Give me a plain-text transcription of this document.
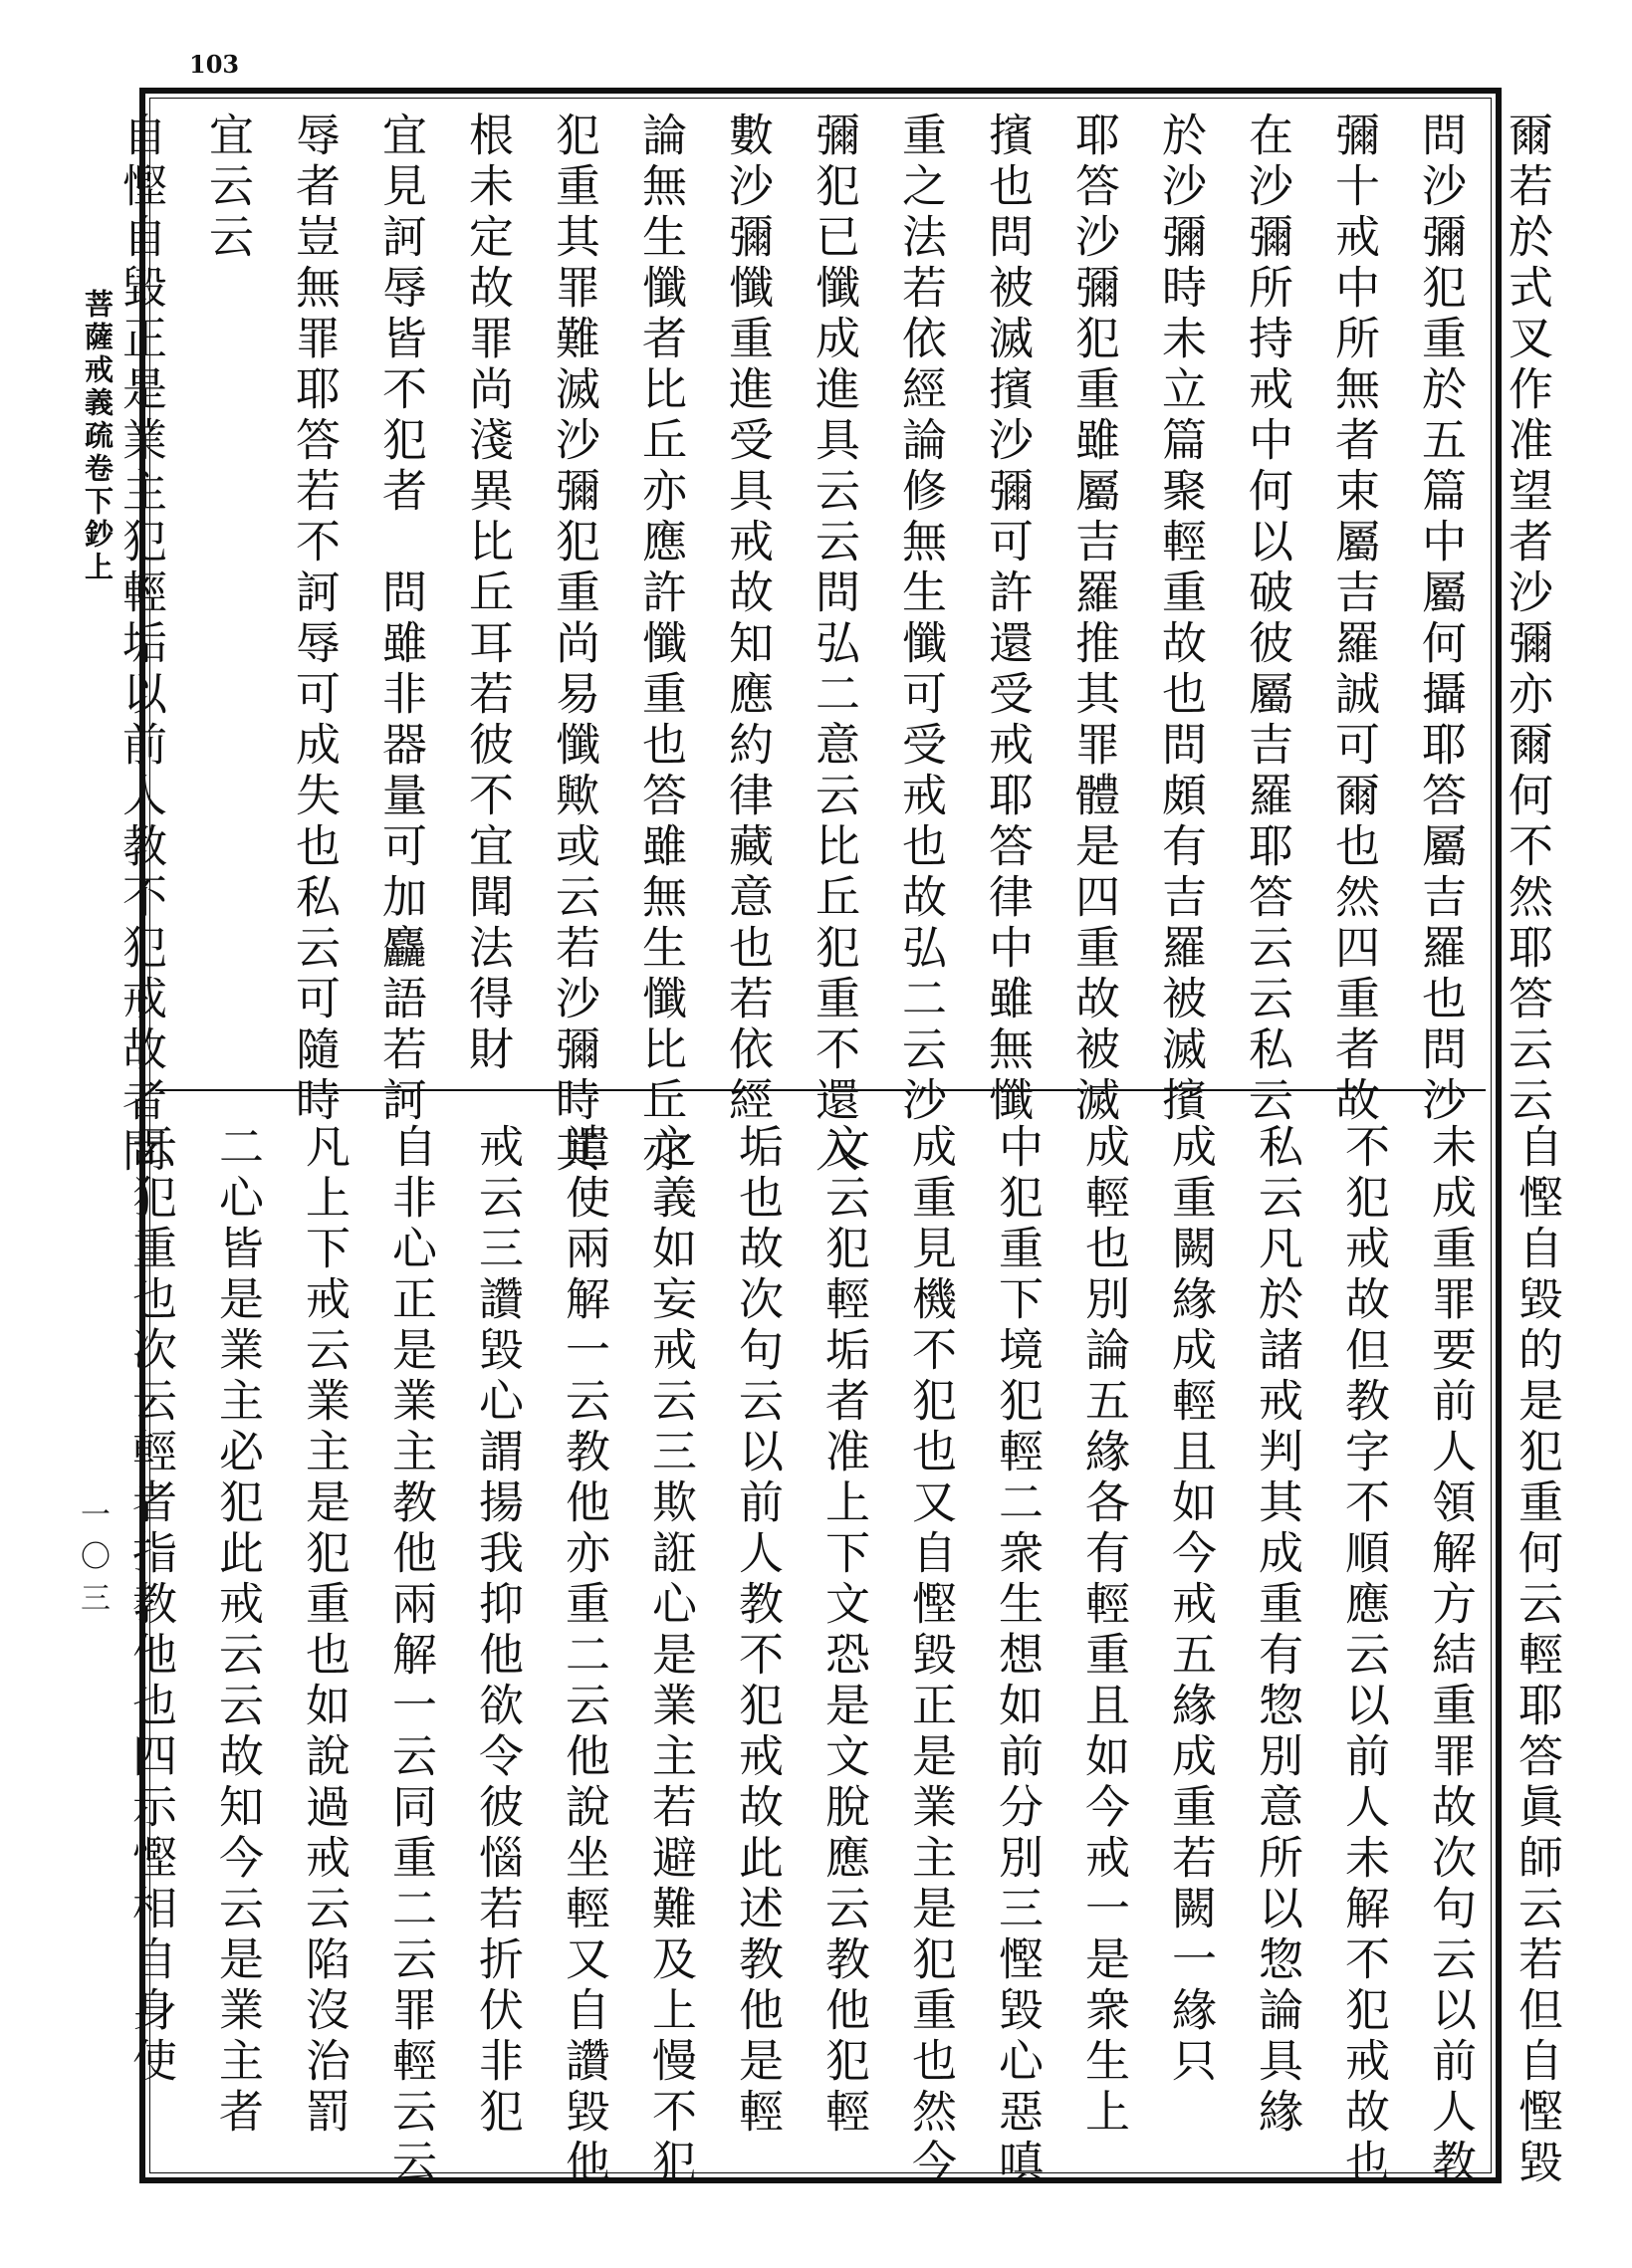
103
菩薩戒義疏卷下鈔上
一〇三
爾若於式叉作准望者沙彌亦爾何不然耶答云云
問沙彌犯重於五篇中屬何攝耶答屬吉羅也問沙
彌十戒中所無者束屬吉羅誠可爾也然四重者故
在沙彌所持戒中何以破彼屬吉羅耶答云云私云
於沙彌時未立篇聚輕重故也問頗有吉羅被滅擯
耶答沙彌犯重雖屬吉羅推其罪體是四重故被滅
擯也問被滅擯沙彌可許還受戒耶答律中雖無懺
重之法若依經論修無生懺可受戒也故弘二云沙
彌犯已懺成進具云云問弘二意云比丘犯重不還入
數沙彌懺重進受具戒故知應約律藏意也若依經
論無生懺者比丘亦應許懺重也答雖無生懺比丘亦
犯重其罪難滅沙彌犯重尚易懺歟或云若沙彌時其
根未定故罪尚淺異比丘耳若彼不宜聞法得財
宜見訶辱皆不犯者　問雖非器量可加麤語若訶
辱者豈無罪耶答若不訶辱可成失也私云可隨時
宜云云
自慳自毀正是業主犯輕垢以前人教不犯戒故者問
自慳自毀的是犯重何云輕耶答眞師云若但自慳毀
未成重罪要前人領解方結重罪故次句云以前人教
不犯戒故但教字不順應云以前人未解不犯戒故也
私云凡於諸戒判其成重有惣別意所以惣論具緣
成重闕緣成輕且如今戒五緣成重若闕一緣只
成輕也別論五緣各有輕重且如今戒一是衆生上
中犯重下境犯輕二衆生想如前分別三慳毀心惡嗔
成重見機不犯也又自慳毀正是業主是犯重也然今
文云犯輕垢者准上下文恐是文脫應云教他犯輕
垢也故次句云以前人教不犯戒故此述教他是輕
之義如妄戒云三欺誑心是業主若避難及上慢不犯
遣使兩解一云教他亦重二云他說坐輕又自讚毀他
戒云三讚毀心謂揚我抑他欲令彼惱若折伏非犯
自非心正是業主教他兩解一云同重二云罪輕云云
凡上下戒云業主是犯重也如說過戒云陷沒治罰
二心皆是業主必犯此戒云云故知今云是業主者
云犯重也次云輕者指教他也四示慳相自身使
